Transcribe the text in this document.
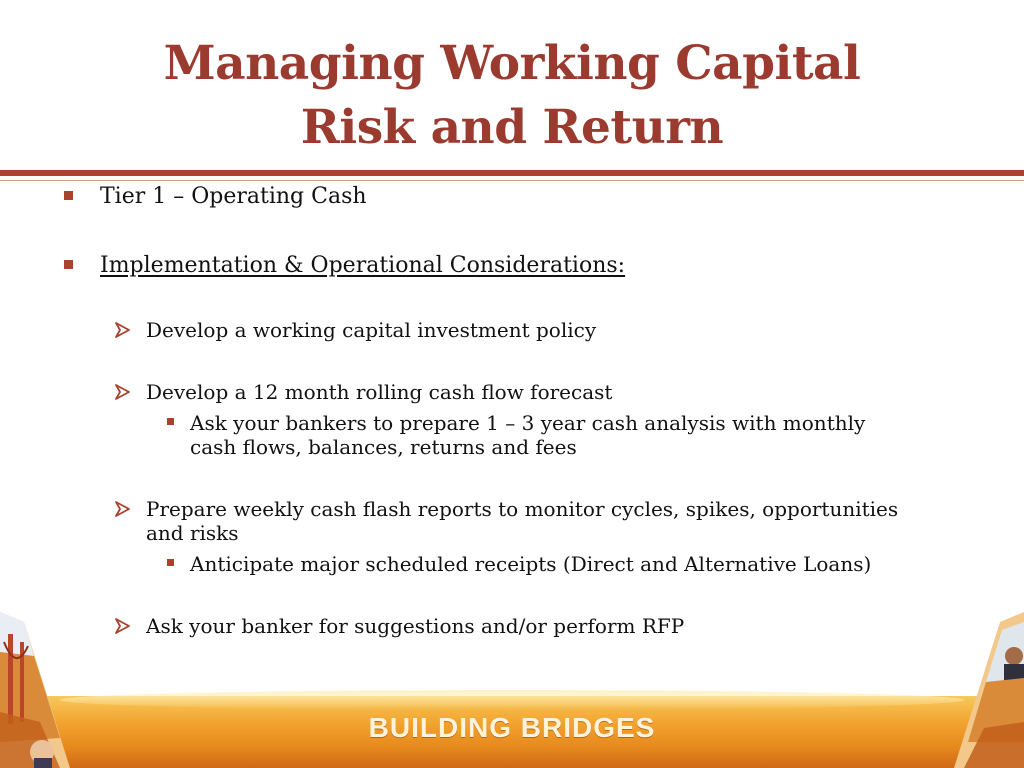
Managing Working Capital
Risk and Return
Tier 1 – Operating Cash
Implementation & Operational Considerations:
Develop a working capital investment policy
Develop a 12 month rolling cash flow forecast
Ask your bankers to prepare 1 – 3 year cash analysis with monthly
cash flows, balances, returns and fees
Prepare weekly cash flash reports to monitor cycles, spikes, opportunities
and risks
Anticipate major scheduled receipts (Direct and Alternative Loans)
Ask your banker for suggestions and/or perform RFP
BUILDING BRIDGES
